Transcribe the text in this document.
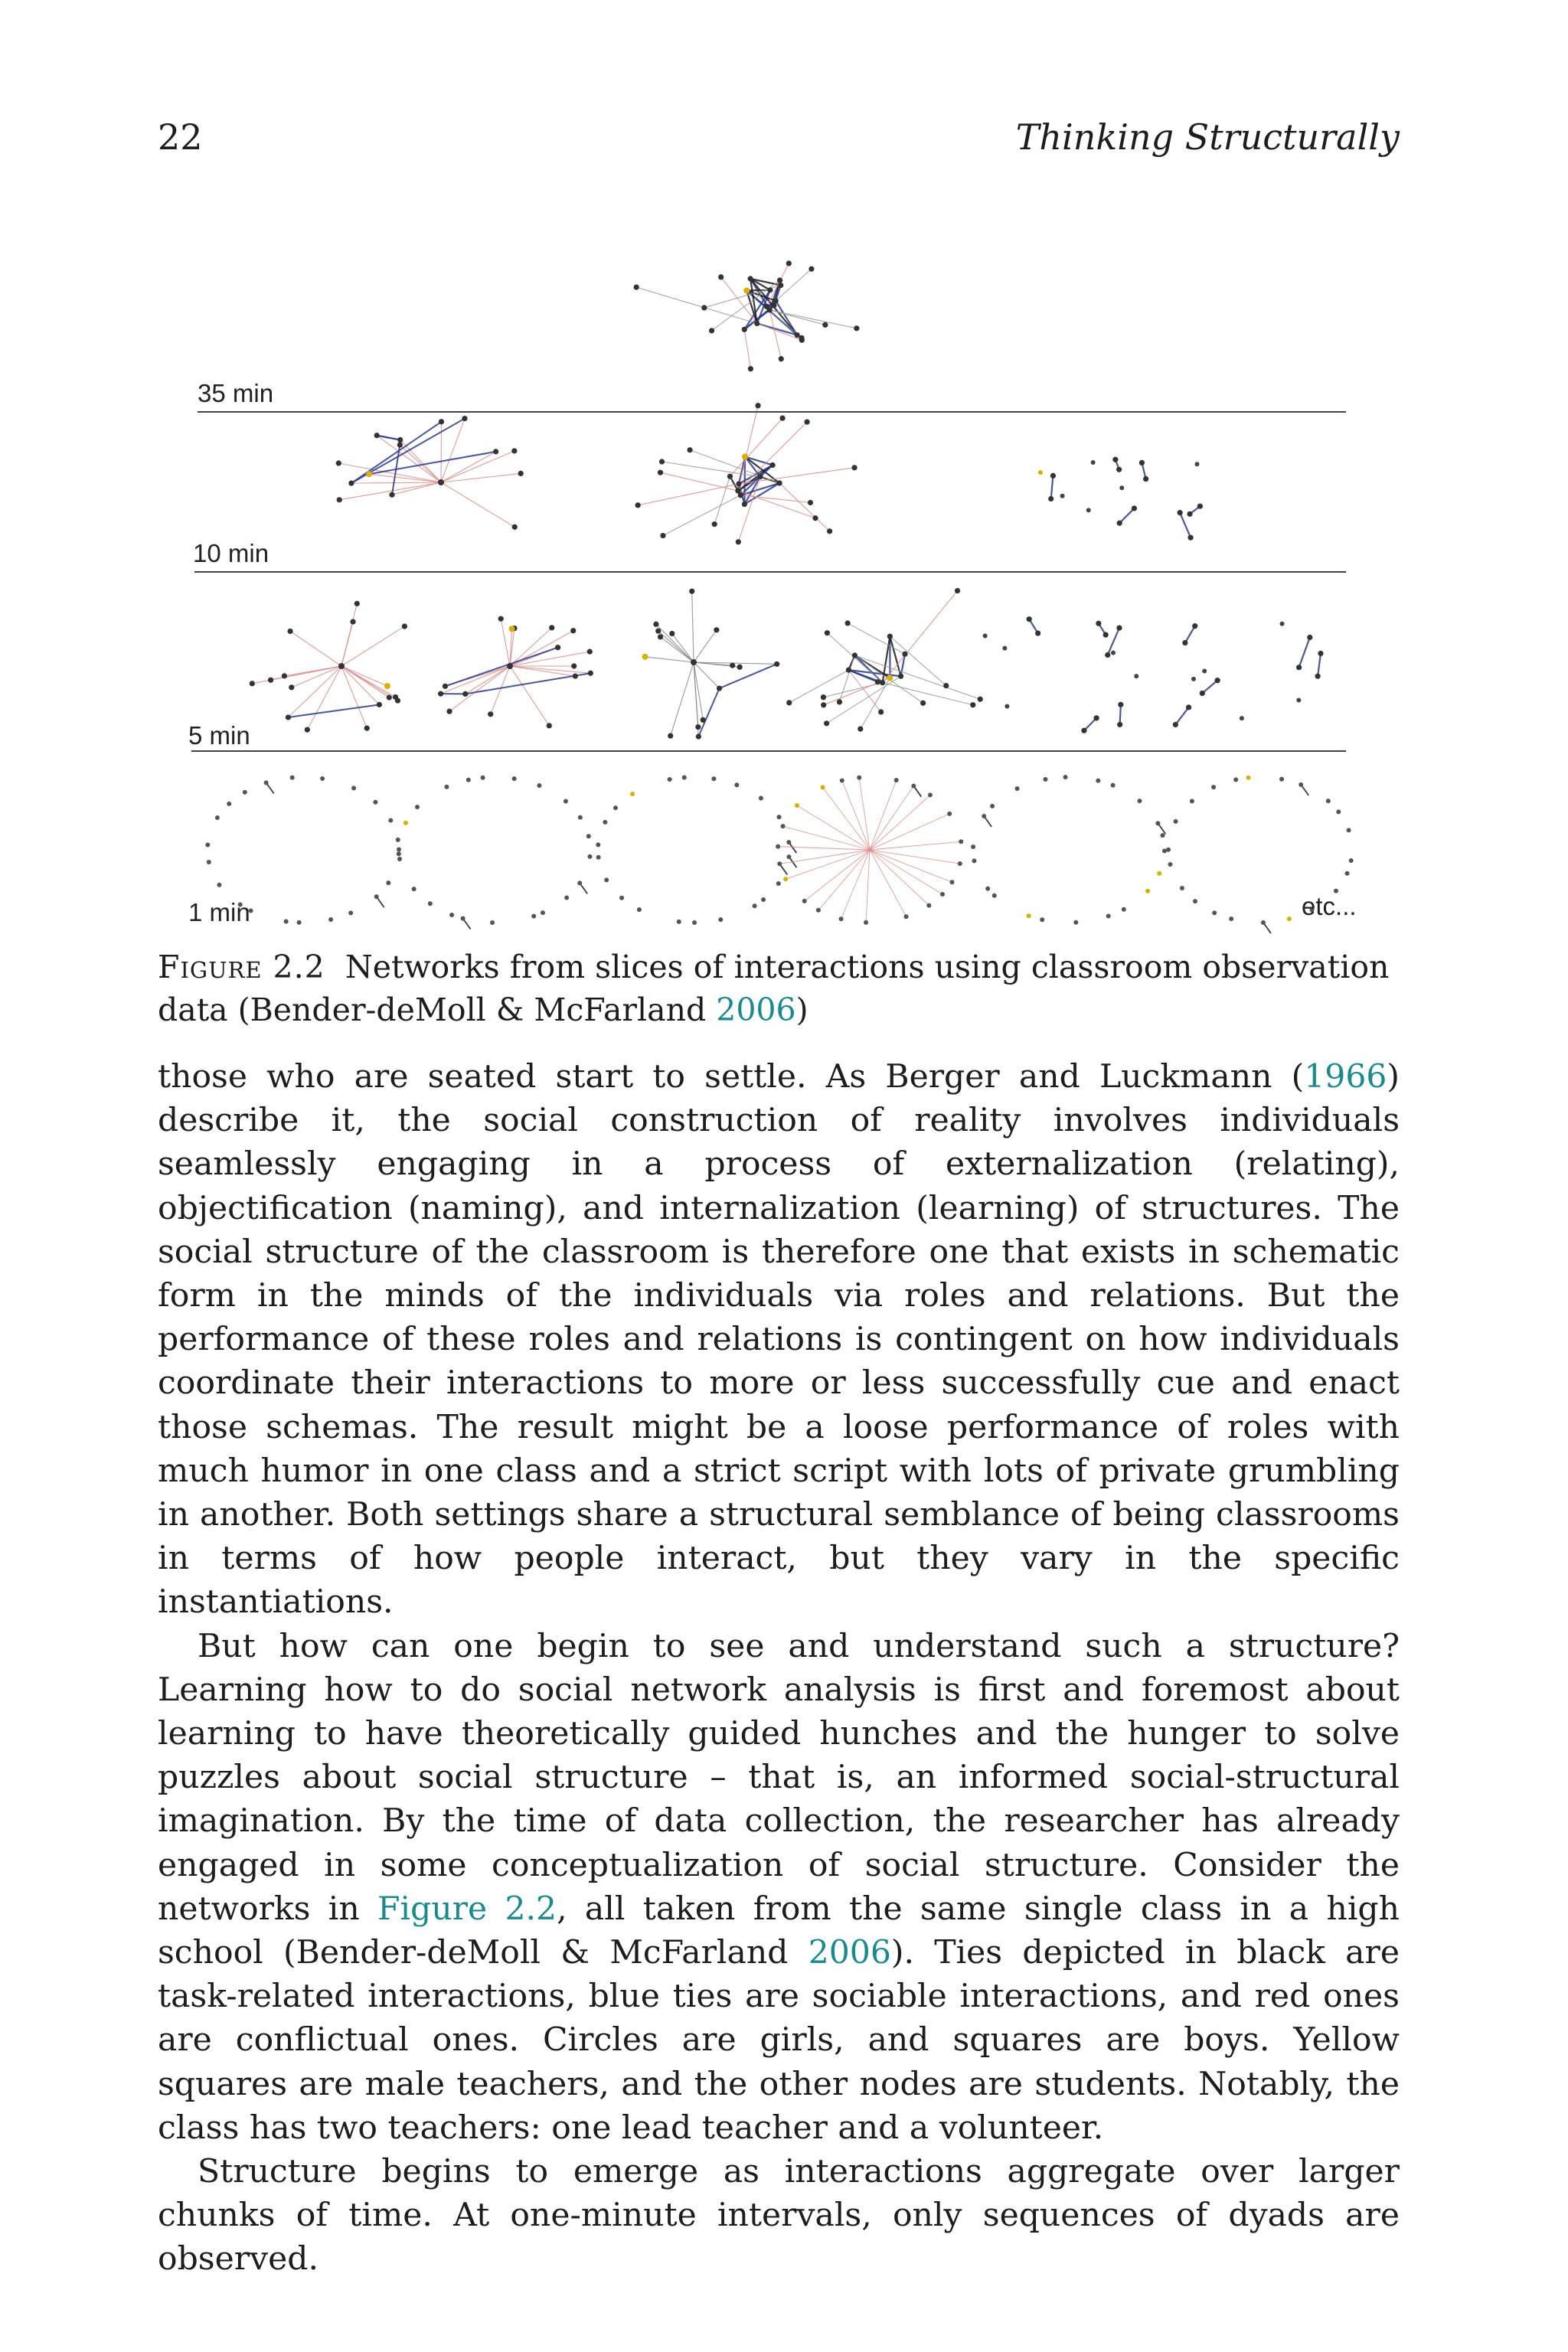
22	Thinking Structurally
35 min
10 min
5 min
1 min	etc...
Figure 2.2 Networks from slices of interactions using classroom observation data (Bender-deMoll & McFarland 2006)

those who are seated start to settle. As Berger and Luckmann (1966) describe it, the social construction of reality involves individuals seamlessly engaging in a process of externalization (relating), objectification (naming), and internalization (learning) of structures. The social structure of the classroom is therefore one that exists in schematic form in the minds of the individuals via roles and relations. But the performance of these roles and relations is contingent on how individuals coordinate their interactions to more or less successfully cue and enact those schemas. The result might be a loose performance of roles with much humor in one class and a strict script with lots of private grumbling in another. Both settings share a structural semblance of being classrooms in terms of how people interact, but they vary in the specific instantiations.

But how can one begin to see and understand such a structure? Learning how to do social network analysis is first and foremost about learning to have theoretically guided hunches and the hunger to solve puzzles about social structure – that is, an informed social-structural imagination. By the time of data collection, the researcher has already engaged in some conceptualization of social structure. Consider the networks in Figure 2.2, all taken from the same single class in a high school (Bender-deMoll & McFarland 2006). Ties depicted in black are task-related interactions, blue ties are sociable interactions, and red ones are conflictual ones. Circles are girls, and squares are boys. Yellow squares are male teachers, and the other nodes are students. Notably, the class has two teachers: one lead teacher and a volunteer.

Structure begins to emerge as interactions aggregate over larger chunks of time. At one-minute intervals, only sequences of dyads are observed.
